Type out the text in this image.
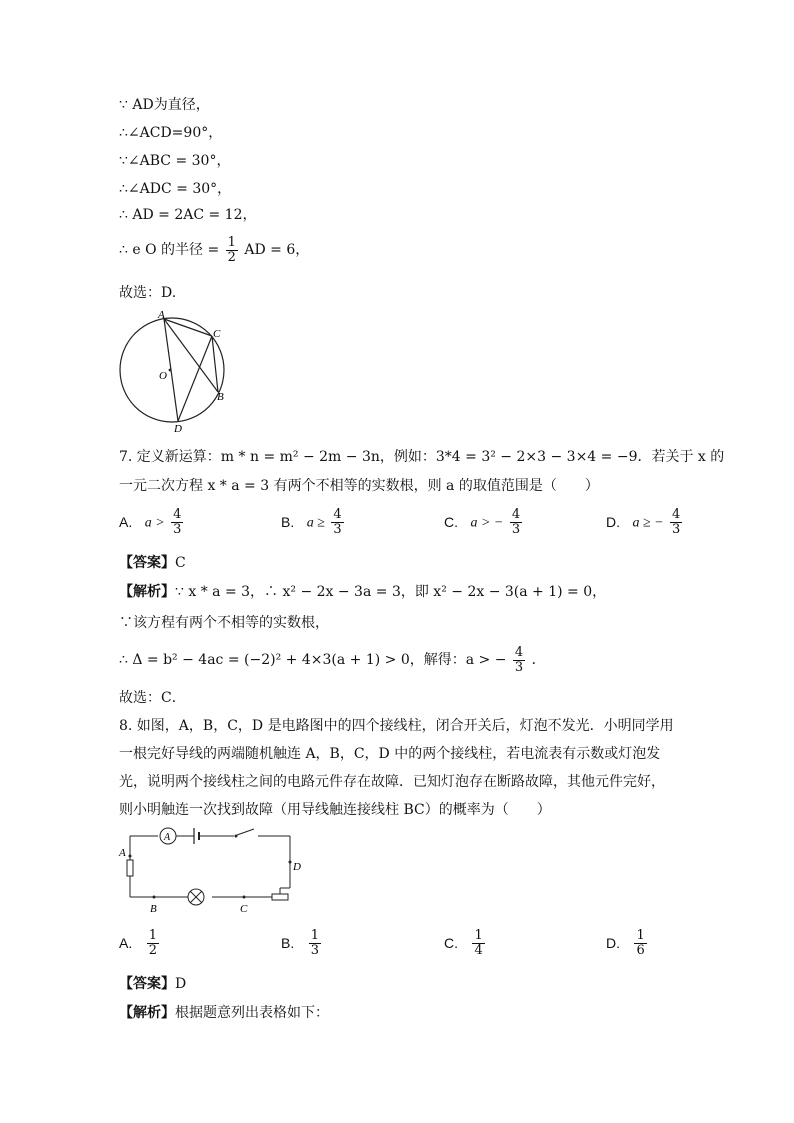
∵ AD为直径，
∴∠ACD=90°，
∵∠ABC = 30°，
∴∠ADC = 30°，
∴ AD = 2AC = 12，
∴ e O 的半径 = $\frac{1}{2}$ AD = 6，
故选：D.
A
C
O
B
D
7. 定义新运算：m * n = m² − 2m − 3n，例如：3*4 = 3² − 2×3 − 3×4 = −9．若关于 x 的
一元二次方程 x * a = 3 有两个不相等的实数根，则 a 的取值范围是（　　）
A. $a > \frac{4}{3}$	B. $a \ge \frac{4}{3}$	C. a > − $\frac{4}{3}$	D. a ≥ − $\frac{4}{3}$
【答案】C
【解析】∵ x * a = 3，∴ x² − 2x − 3a = 3，即 x² − 2x − 3(a + 1) = 0，
∵该方程有两个不相等的实数根，
∴ Δ = b² − 4ac = (−2)² + 4×3(a + 1) > 0，解得：a > − $\frac{4}{3}$ ．
故选：C．
8. 如图，A，B，C，D 是电路图中的四个接线柱，闭合开关后，灯泡不发光．小明同学用
一根完好导线的两端随机触连 A，B，C，D 中的两个接线柱，若电流表有示数或灯泡发
光，说明两个接线柱之间的电路元件存在故障．已知灯泡存在断路故障，其他元件完好，
则小明触连一次找到故障（用导线触连接线柱 BC）的概率为（　　）
A
D
C
B
A
A. $\frac{1}{2}$	B. $\frac{1}{3}$	C. $\frac{1}{4}$	D. $\frac{1}{6}$
【答案】D
【解析】根据题意列出表格如下：
